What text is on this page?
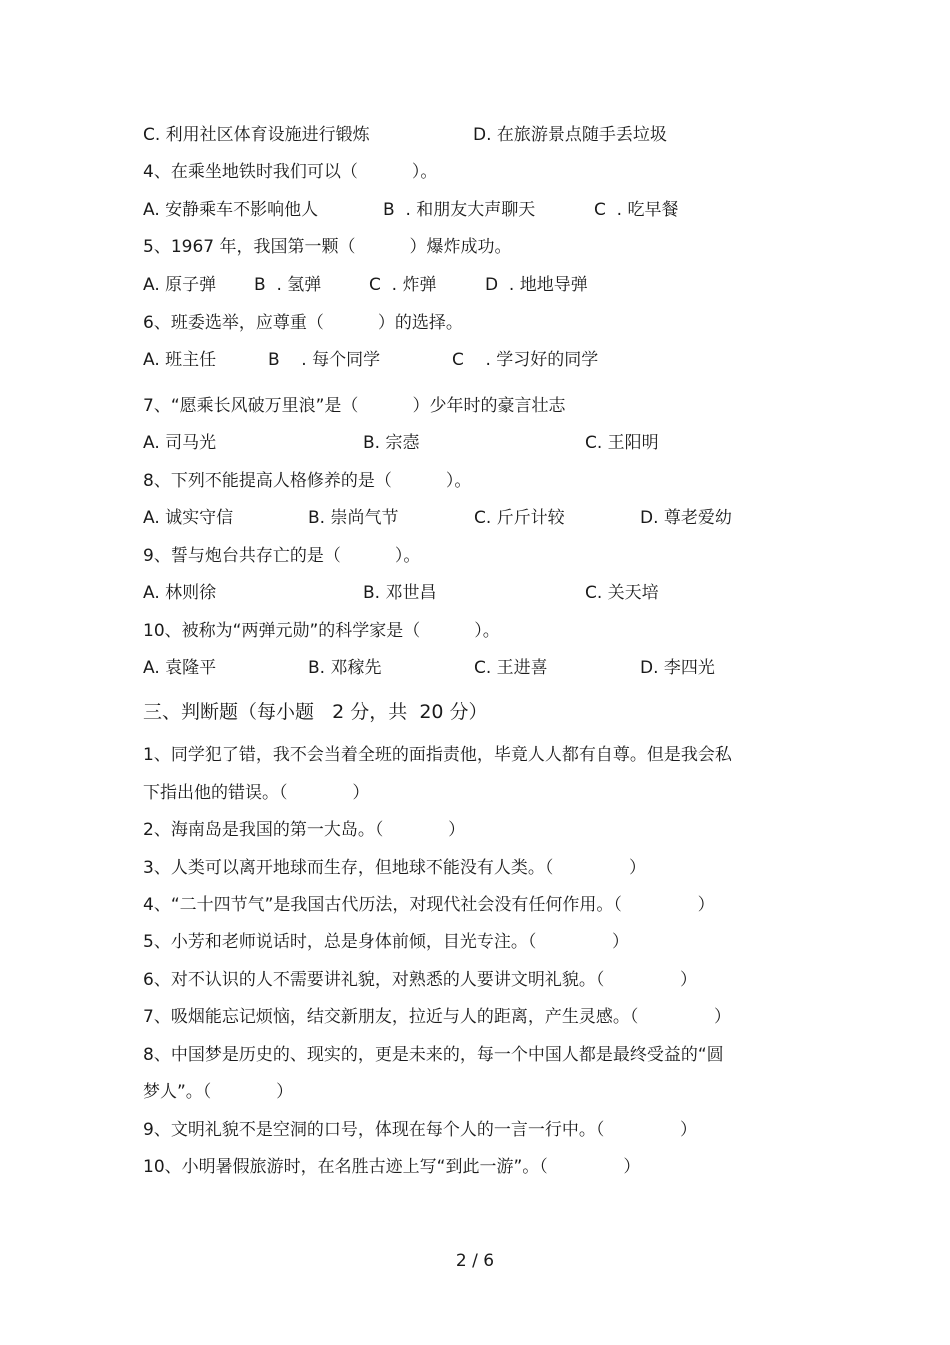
C. 利用社区体育设施进行锻炼	D. 在旅游景点随手丢垃圾

4、在乘坐地铁时我们可以（          ）。

A. 安静乘车不影响他人	B  . 和朋友大声聊天	C  . 吃早餐

5、1967 年，我国第一颗（          ）爆炸成功。

A. 原子弹 B  . 氢弹	C  . 炸弹	D  . 地地导弹

6、班委选举，应尊重（          ）的选择。

A. 班主任	B    . 每个同学	C    . 学习好的同学

7、“愿乘长风破万里浪”是（          ）少年时的豪言壮志

A. 司马光	B. 宗悫	C. 王阳明

8、下列不能提高人格修养的是（          ）。

A. 诚实守信	B. 崇尚气节	C. 斤斤计较	D. 尊老爱幼

9、誓与炮台共存亡的是（          ）。

A. 林则徐	B. 邓世昌	C. 关天培

10、被称为“两弹元勋”的科学家是（          ）。

A. 袁隆平	B. 邓稼先	C. 王进喜	D. 李四光
三、判断题（每小题   2 分，共  20 分）

1、同学犯了错，我不会当着全班的面指责他，毕竟人人都有自尊。但是我会私

下指出他的错误。（            ）

2、海南岛是我国的第一大岛。（            ）

3、人类可以离开地球而生存，但地球不能没有人类。（              ）

4、“二十四节气”是我国古代历法，对现代社会没有任何作用。（              ）

5、小芳和老师说话时，总是身体前倾，目光专注。（              ）

6、对不认识的人不需要讲礼貌，对熟悉的人要讲文明礼貌。（              ）

7、吸烟能忘记烦恼，结交新朋友，拉近与人的距离，产生灵感。（              ）

8、中国梦是历史的、现实的，更是未来的，每一个中国人都是最终受益的“圆

梦人”。（            ）

9、文明礼貌不是空洞的口号，体现在每个人的一言一行中。（              ）

10、小明暑假旅游时，在名胜古迹上写“到此一游”。（              ）

2 / 6
